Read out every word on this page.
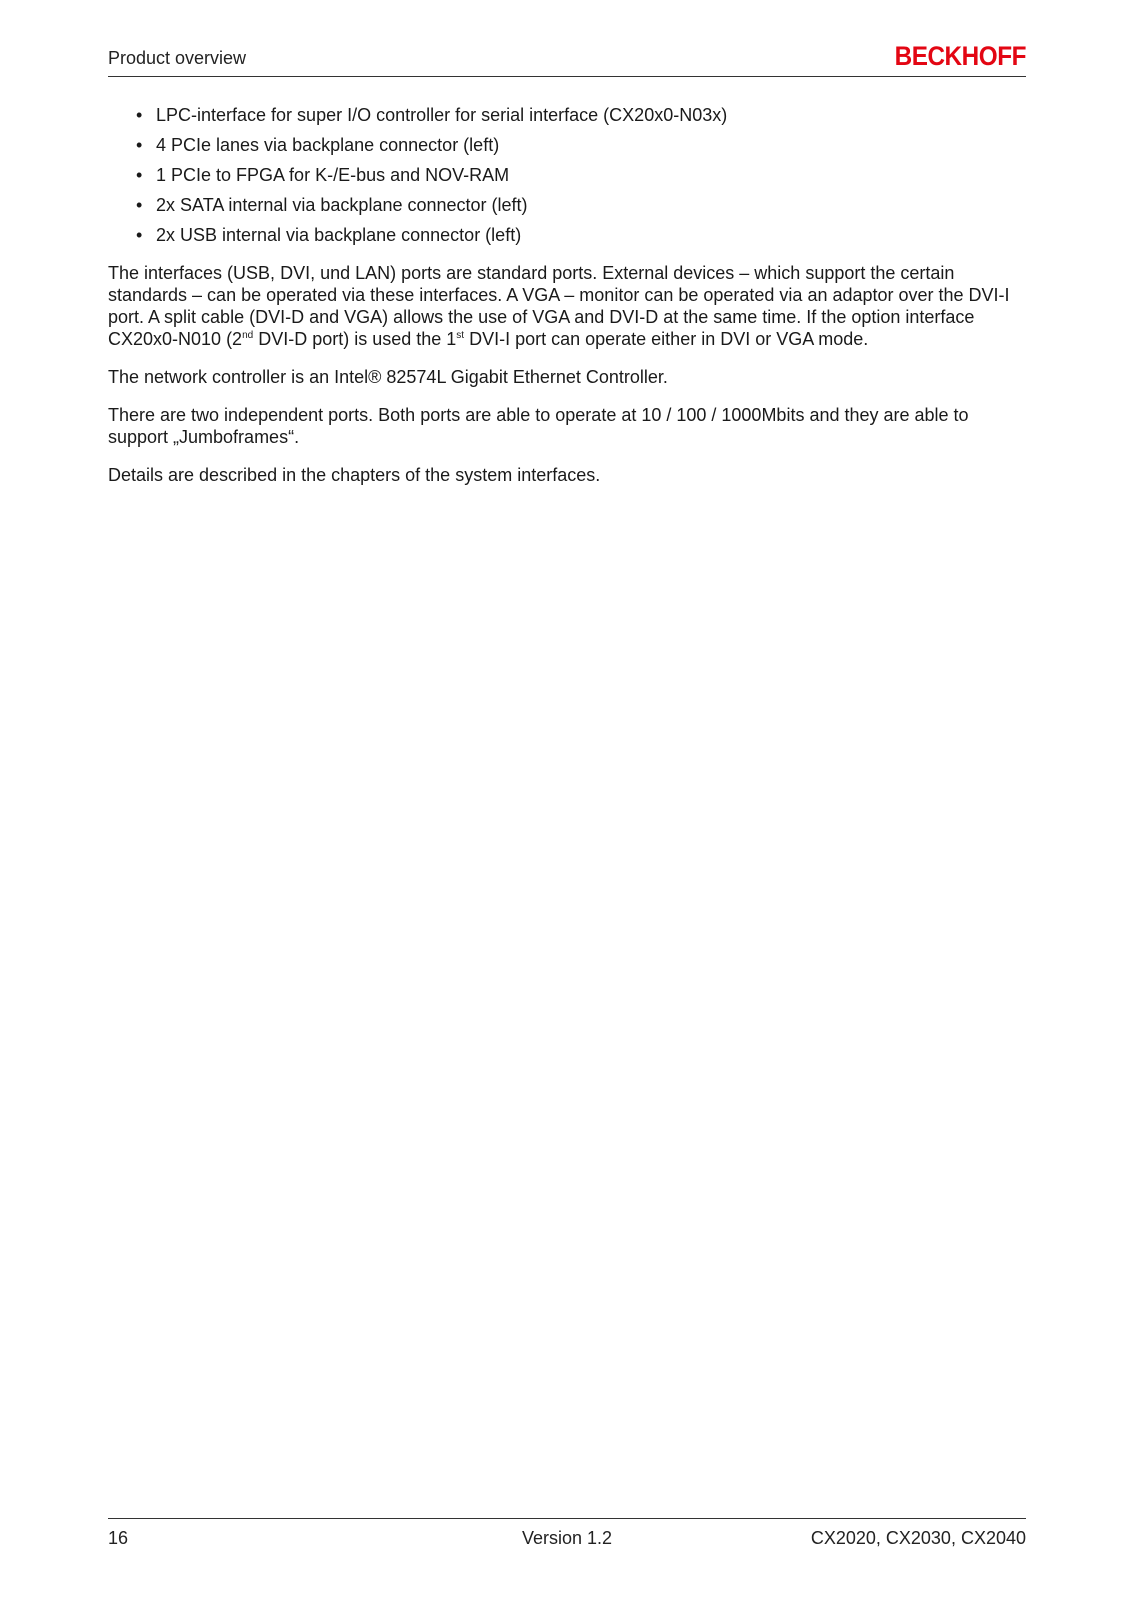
Product overview	BECKHOFF
• LPC-interface for super I/O controller for serial interface (CX20x0-N03x)
• 4 PCIe lanes via backplane connector (left)
• 1 PCIe to FPGA for K-/E-bus and NOV-RAM
• 2x SATA internal via backplane connector (left)
• 2x USB internal via backplane connector (left)

The interfaces (USB, DVI, und LAN) ports are standard ports. External devices – which support the certain standards – can be operated via these interfaces. A VGA – monitor can be operated via an adaptor over the DVI-I port. A split cable (DVI-D and VGA) allows the use of VGA and DVI-D at the same time. If the option interface CX20x0-N010 (2nd DVI-D port) is used the 1st DVI-I port can operate either in DVI or VGA mode.

The network controller is an Intel® 82574L Gigabit Ethernet Controller.

There are two independent ports. Both ports are able to operate at 10 / 100 / 1000Mbits and they are able to support „Jumboframes“.

Details are described in the chapters of the system interfaces.

16	Version 1.2	CX2020, CX2030, CX2040
